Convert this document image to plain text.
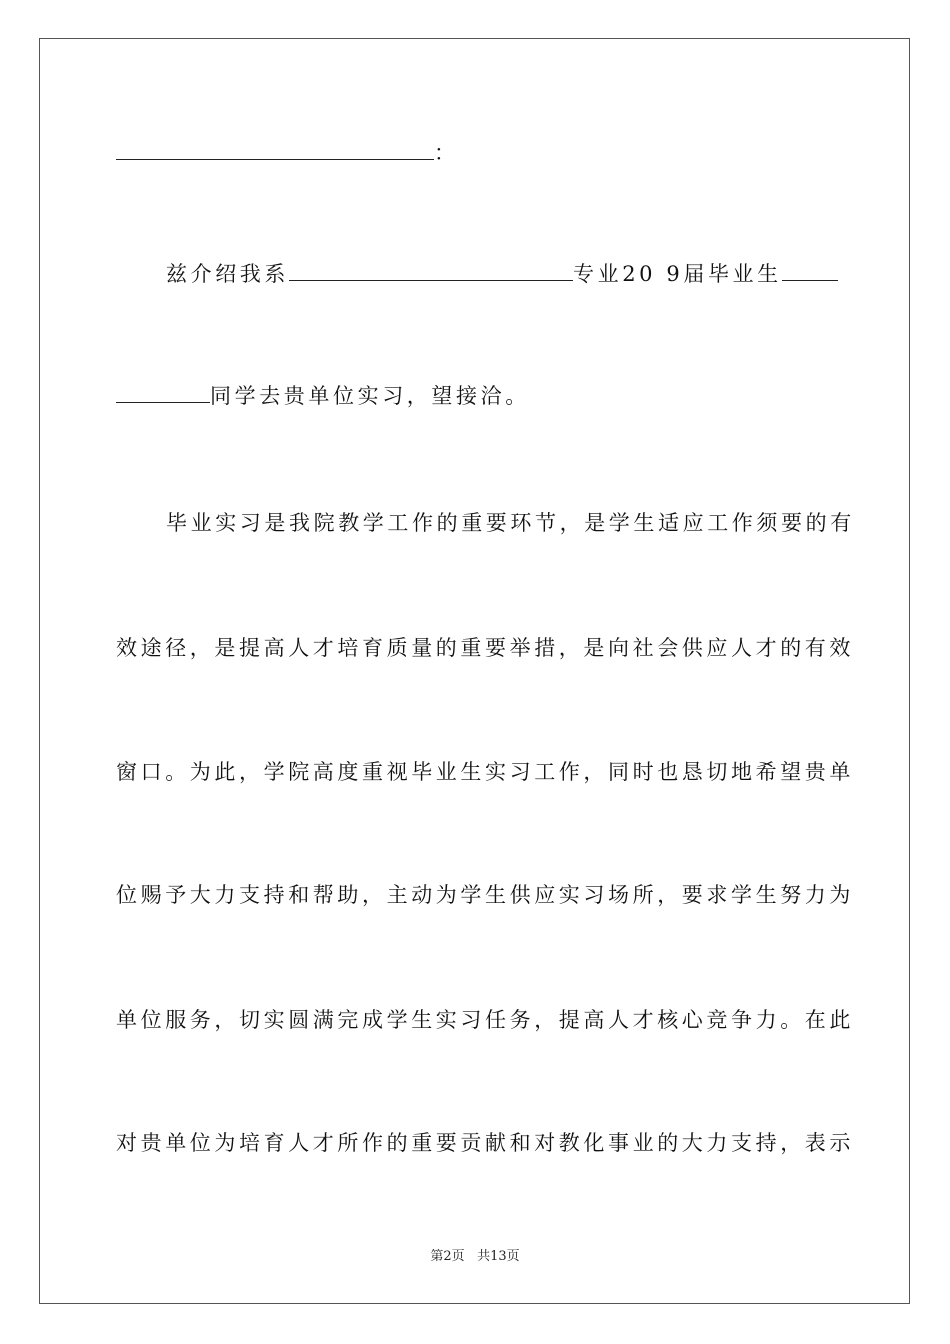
：
兹介绍我系	专业20 9届毕业生
同学去贵单位实习，望接洽。
毕业实习是我院教学工作的重要环节，是学生适应工作须要的有
效途径，是提高人才培育质量的重要举措，是向社会供应人才的有效
窗口。为此，学院高度重视毕业生实习工作，同时也恳切地希望贵单
位赐予大力支持和帮助，主动为学生供应实习场所，要求学生努力为
单位服务，切实圆满完成学生实习任务，提高人才核心竞争力。在此
对贵单位为培育人才所作的重要贡献和对教化事业的大力支持，表示
第2页 共13页
